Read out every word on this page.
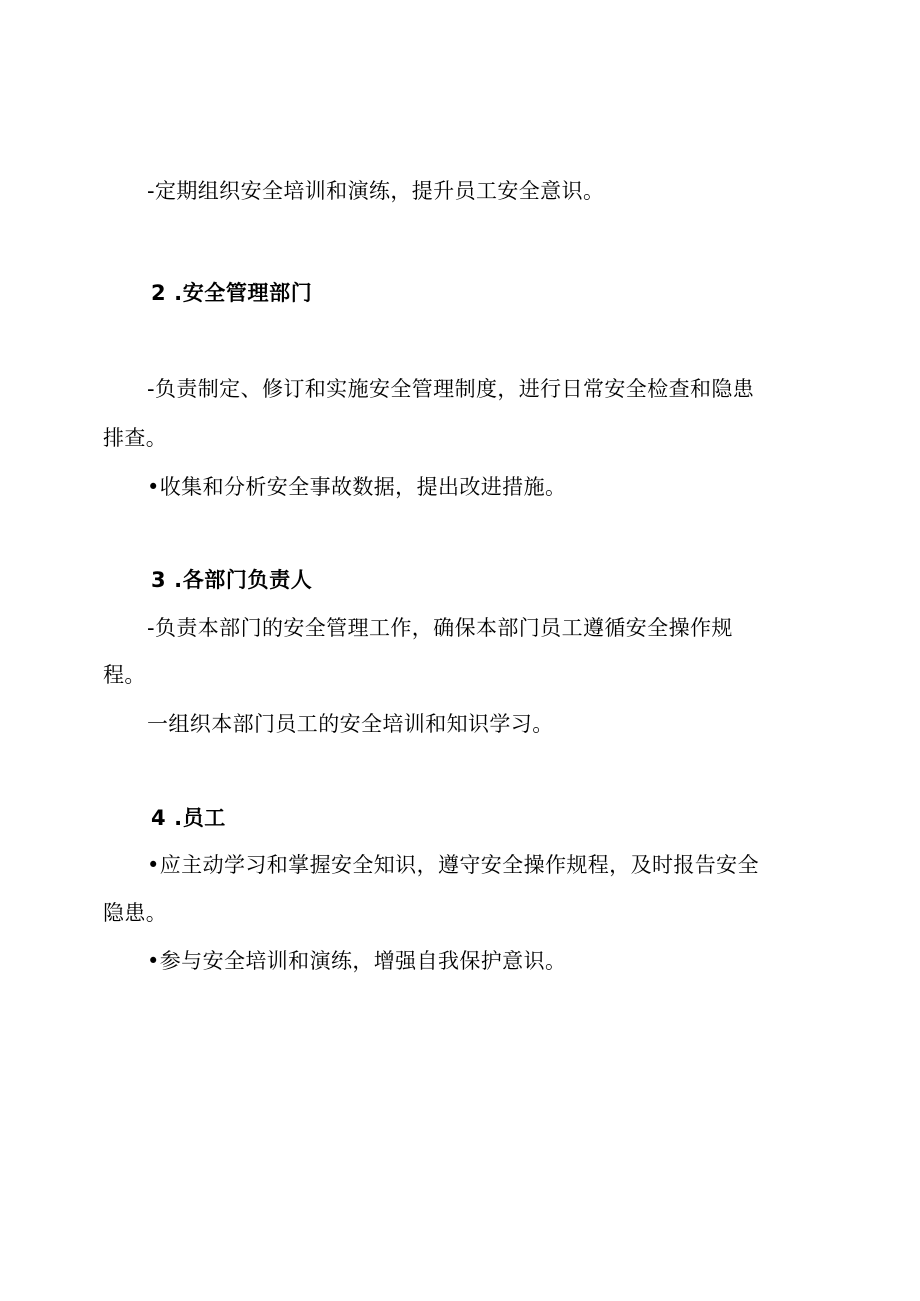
-定期组织安全培训和演练，提升员工安全意识。

2 .安全管理部门

-负责制定、修订和实施安全管理制度，进行日常安全检查和隐患

排查。

•收集和分析安全事故数据，提出改进措施。

3 .各部门负责人

-负责本部门的安全管理工作，确保本部门员工遵循安全操作规

程。

一组织本部门员工的安全培训和知识学习。

4 .员工

•应主动学习和掌握安全知识，遵守安全操作规程，及时报告安全

隐患。

•参与安全培训和演练，增强自我保护意识。
